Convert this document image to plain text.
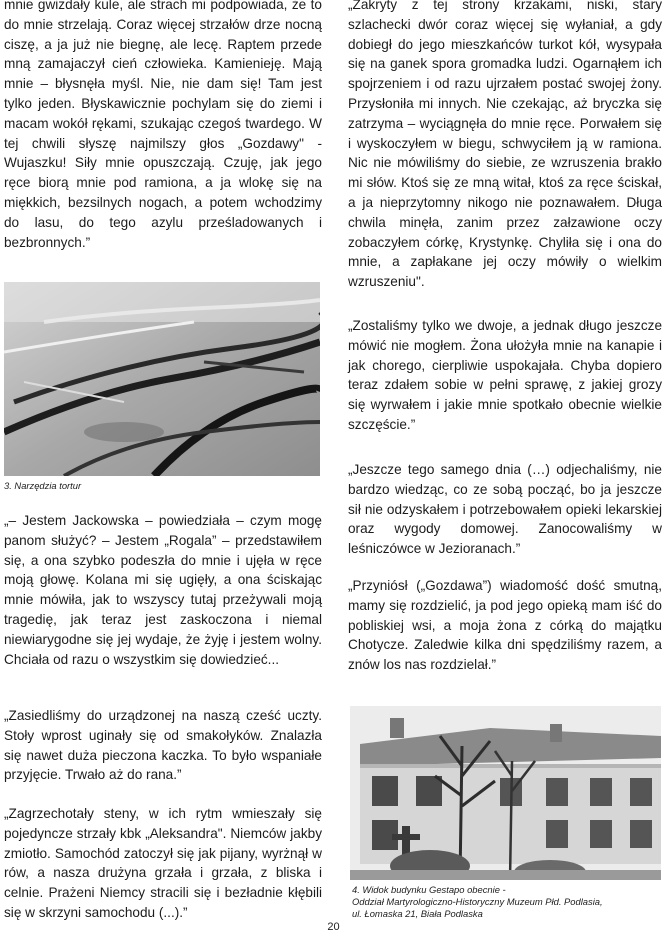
mnie gwizdały kule, ale strach mi podpowiada, że to do mnie strzelają. Coraz więcej strzałów drze nocną ciszę, a ja już nie biegnę, ale lecę. Raptem przede mną zamajaczył cień człowieka. Kamienieję. Mają mnie – błysnęła myśl. Nie, nie dam się! Tam jest tylko jeden. Błyskawicznie pochylam się do ziemi i macam wokół rękami, szukając czegoś twardego. W tej chwili słyszę najmilszy głos „Gozdawy" - Wujaszku! Siły mnie opuszczają. Czuję, jak jego ręce biorą mnie pod ramiona, a ja wlokę się na miękkich, bezsilnych nogach, a potem wchodzimy do lasu, do tego azylu prześladowanych i bezbronnych.”

3. Narzędzia tortur

„– Jestem Jackowska – powiedziała – czym mogę panom służyć? – Jestem „Rogala” – przedstawiłem się, a ona szybko podeszła do mnie i ujęła w ręce moją głowę. Kolana mi się ugięły, a ona ściskając mnie mówiła, jak to wszyscy tutaj przeżywali moją tragedię, jak teraz jest zaskoczona i niemal niewiarygodne się jej wydaje, że żyję i jestem wolny. Chciała od razu o wszystkim się dowiedzieć...

„Zasiedliśmy do urządzonej na naszą cześć uczty. Stoły wprost uginały się od smakołyków. Znalazła się nawet duża pieczona kaczka. To było wspaniałe przyjęcie. Trwało aż do rana.”

„Zagrzechotały steny, w ich rytm wmieszały się pojedyncze strzały kbk „Aleksandra". Niemców jakby zmiotło. Samochód zatoczył się jak pijany, wyrżnął w rów, a nasza drużyna grzała i grzała, z bliska i celnie. Prażeni Niemcy stracili się i bezładnie kłębili się w skrzyni samochodu (...).”

„Zakryty z tej strony krzakami, niski, stary szlachecki dwór coraz więcej się wyłaniał, a gdy dobiegł do jego mieszkańców turkot kół, wysypała się na ganek spora gromadka ludzi. Ogarnąłem ich spojrzeniem i od razu ujrzałem postać swojej żony. Przysłoniła mi innych. Nie czekając, aż bryczka się zatrzyma – wyciągnęła do mnie ręce. Porwałem się i wyskoczyłem w biegu, schwyciłem ją w ramiona. Nic nie mówiliśmy do siebie, ze wzruszenia brakło mi słów. Ktoś się ze mną witał, ktoś za ręce ściskał, a ja nieprzytomny nikogo nie poznawałem. Długa chwila minęła, zanim przez załzawione oczy zobaczyłem córkę, Krystynkę. Chyliła się i ona do mnie, a zapłakane jej oczy mówiły o wielkim wzruszeniu".

„Zostaliśmy tylko we dwoje, a jednak długo jeszcze mówić nie mogłem. Żona ułożyła mnie na kanapie i jak chorego, cierpliwie uspokajała. Chyba dopiero teraz zdałem sobie w pełni sprawę, z jakiej grozy się wyrwałem i jakie mnie spotkało obecnie wielkie szczęście.”

„Jeszcze tego samego dnia (…) odjechaliśmy, nie bardzo wiedząc, co ze sobą począć, bo ja jeszcze sił nie odzyskałem i potrzebowałem opieki lekarskiej oraz wygody domowej. Zanocowaliśmy w leśniczówce w Jezioranach.”

„Przyniósł („Gozdawa”) wiadomość dość smutną, mamy się rozdzielić, ja pod jego opieką mam iść do pobliskiej wsi, a moja żona z córką do majątku Chotycze. Zaledwie kilka dni spędziliśmy razem, a znów los nas rozdzielał.”

4. Widok budynku Gestapo obecnie -
Oddział Martyrologiczno-Historyczny Muzeum Płd. Podlasia,
ul. Łomaska 21, Biała Podlaska
20
